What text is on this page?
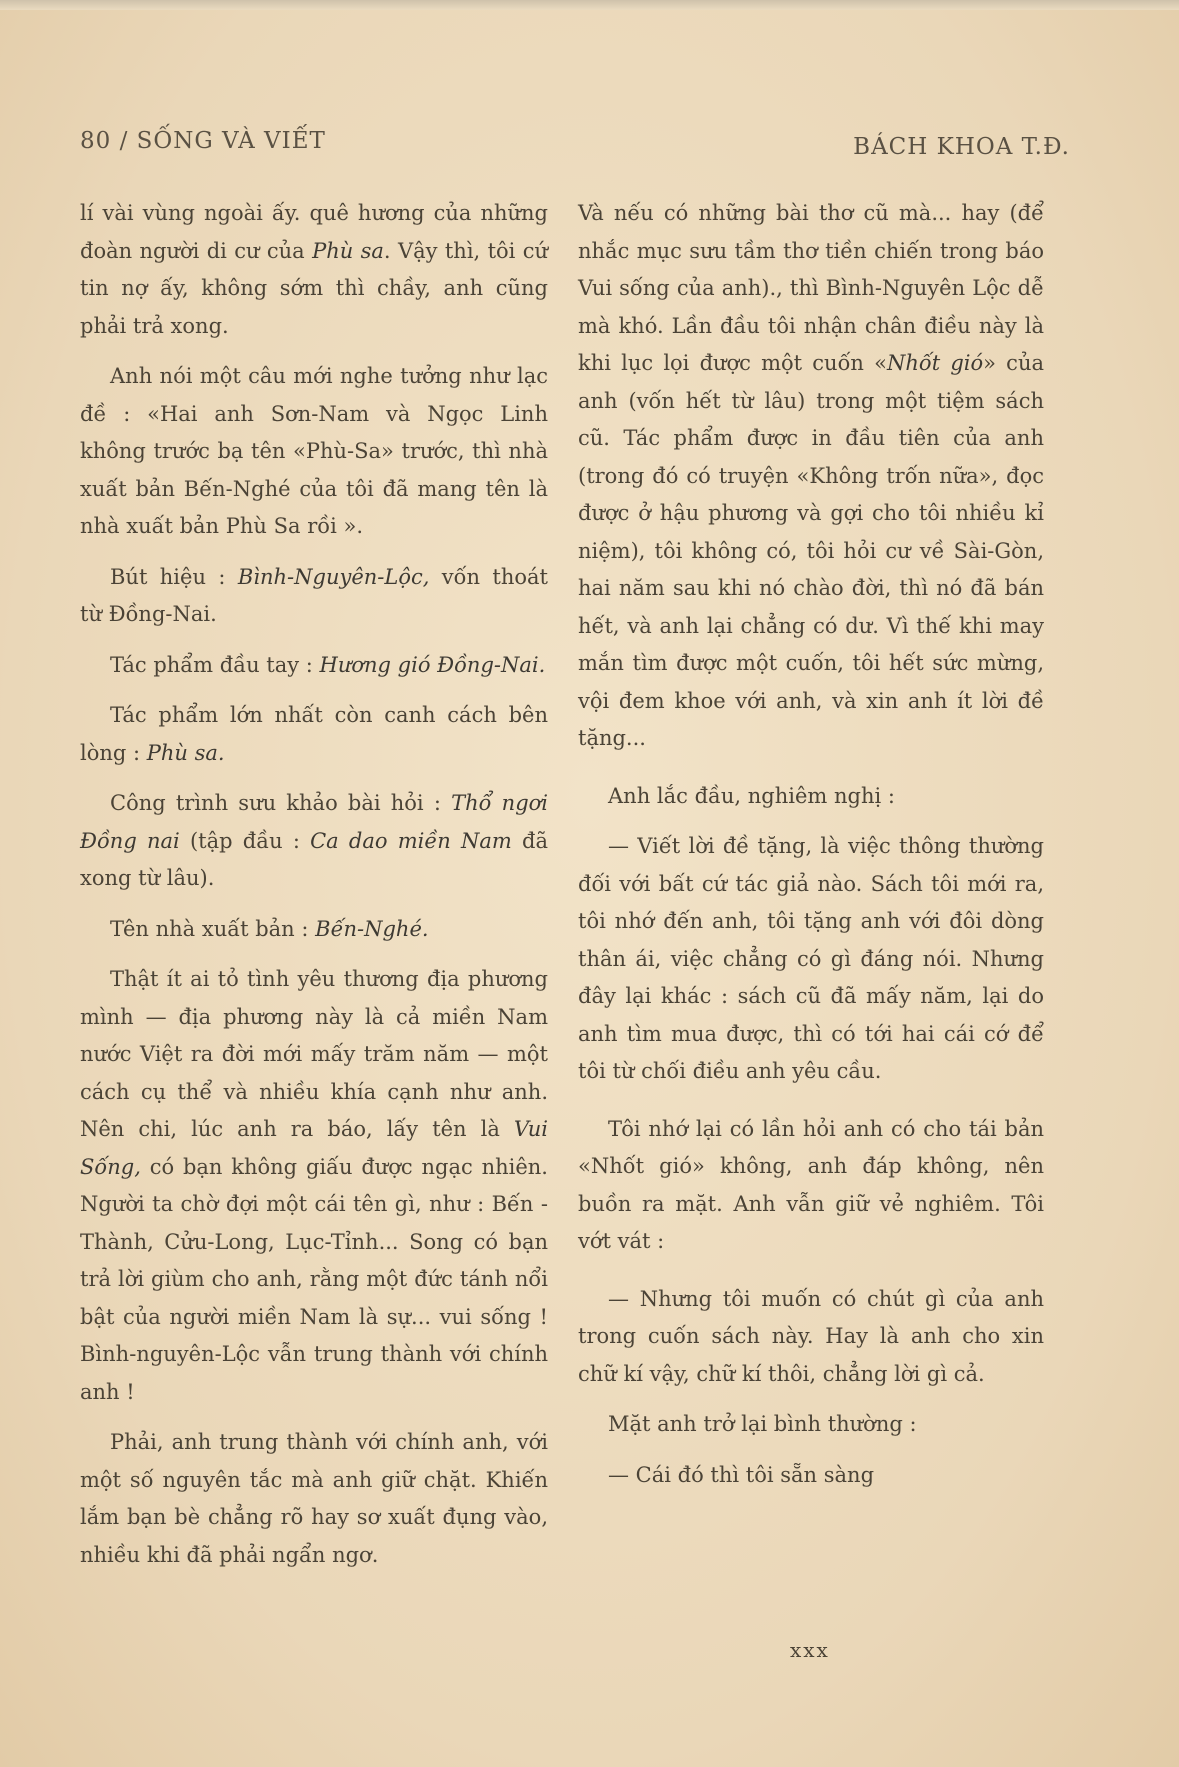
80 / SỐNG VÀ VIẾT	BÁCH KHOA T.Đ.

lí vài vùng ngoài ấy. quê hương của những đoàn người di cư của Phù sa. Vậy thì, tôi cứ tin nợ ấy, không sớm thì chầy, anh cũng phải trả xong.

Anh nói một câu mới nghe tưởng như lạc đề : «Hai anh Sơn-Nam và Ngọc Linh không trước bạ tên «Phù-Sa» trước, thì nhà xuất bản Bến-Nghé của tôi đã mang tên là nhà xuất bản Phù Sa rồi ».

Bút hiệu : Bình-Nguyên-Lộc, vốn thoát từ Đồng-Nai.

Tác phẩm đầu tay : Hương gió Đồng-Nai.

Tác phẩm lớn nhất còn canh cách bên lòng : Phù sa.

Công trình sưu khảo bài hỏi : Thổ ngơi Đồng nai (tập đầu : Ca dao miền Nam đã xong từ lâu).

Tên nhà xuất bản : Bến-Nghé.

Thật ít ai tỏ tình yêu thương địa phương mình — địa phương này là cả miền Nam nước Việt ra đời mới mấy trăm năm — một cách cụ thể và nhiều khía cạnh như anh. Nên chi, lúc anh ra báo, lấy tên là Vui Sống, có bạn không giấu được ngạc nhiên. Người ta chờ đợi một cái tên gì, như : Bến - Thành, Cửu-Long, Lục-Tỉnh... Song có bạn trả lời giùm cho anh, rằng một đức tánh nổi bật của người miền Nam là sự... vui sống ! Bình-nguyên-Lộc vẫn trung thành với chính anh !

Phải, anh trung thành với chính anh, với một số nguyên tắc mà anh giữ chặt. Khiến lắm bạn bè chẳng rõ hay sơ xuất đụng vào, nhiều khi đã phải ngẩn ngơ.

Và nếu có những bài thơ cũ mà... hay (để nhắc mục sưu tầm thơ tiền chiến trong báo Vui sống của anh)., thì Bình-Nguyên Lộc dễ mà khó. Lần đầu tôi nhận chân điều này là khi lục lọi được một cuốn «Nhốt gió» của anh (vốn hết từ lâu) trong một tiệm sách cũ. Tác phẩm được in đầu tiên của anh (trong đó có truyện «Không trốn nữa», đọc được ở hậu phương và gợi cho tôi nhiều kỉ niệm), tôi không có, tôi hỏi cư về Sài-Gòn, hai năm sau khi nó chào đời, thì nó đã bán hết, và anh lại chẳng có dư. Vì thế khi may mắn tìm được một cuốn, tôi hết sức mừng, vội đem khoe với anh, và xin anh ít lời đề tặng...

Anh lắc đầu, nghiêm nghị :

— Viết lời đề tặng, là việc thông thường đối với bất cứ tác giả nào. Sách tôi mới ra, tôi nhớ đến anh, tôi tặng anh với đôi dòng thân ái, việc chẳng có gì đáng nói. Nhưng đây lại khác : sách cũ đã mấy năm, lại do anh tìm mua được, thì có tới hai cái cớ để tôi từ chối điều anh yêu cầu.

Tôi nhớ lại có lần hỏi anh có cho tái bản «Nhốt gió» không, anh đáp không, nên buồn ra mặt. Anh vẫn giữ vẻ nghiêm. Tôi vớt vát :

— Nhưng tôi muốn có chút gì của anh trong cuốn sách này. Hay là anh cho xin chữ kí vậy, chữ kí thôi, chẳng lời gì cả.

Mặt anh trở lại bình thường :

— Cái đó thì tôi sẵn sàng

xxx
